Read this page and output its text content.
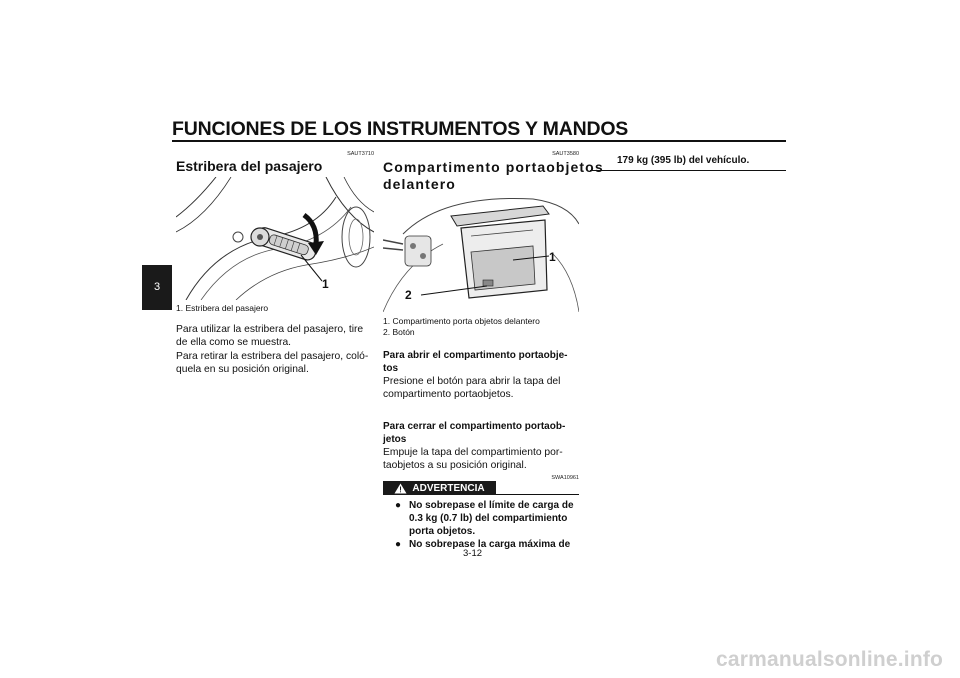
FUNCIONES DE LOS INSTRUMENTOS Y MANDOS
3
SAUT3710
Estribera del pasajero
1
1. Estribera del pasajero
Para utilizar la estribera del pasajero, tire
de ella como se muestra.
Para retirar la estribera del pasajero, coló-
quela en su posición original.
SAUT3580
Compartimento portaobjetos
delantero
1
2
1. Compartimento porta objetos delantero
2. Botón
Para abrir el compartimento portaobje-
tos
Presione el botón para abrir la tapa del
compartimento portaobjetos.
Para cerrar el compartimento portaob-
jetos
Empuje la tapa del compartimiento por-
taobjetos a su posición original.
SWA10961
ADVERTENCIA
● No sobrepase el límite de carga de
0.3 kg (0.7 lb) del compartimiento
porta objetos.
● No sobrepase la carga máxima de
179 kg (395 lb) del vehículo.
3-12
carmanualsonline.info
